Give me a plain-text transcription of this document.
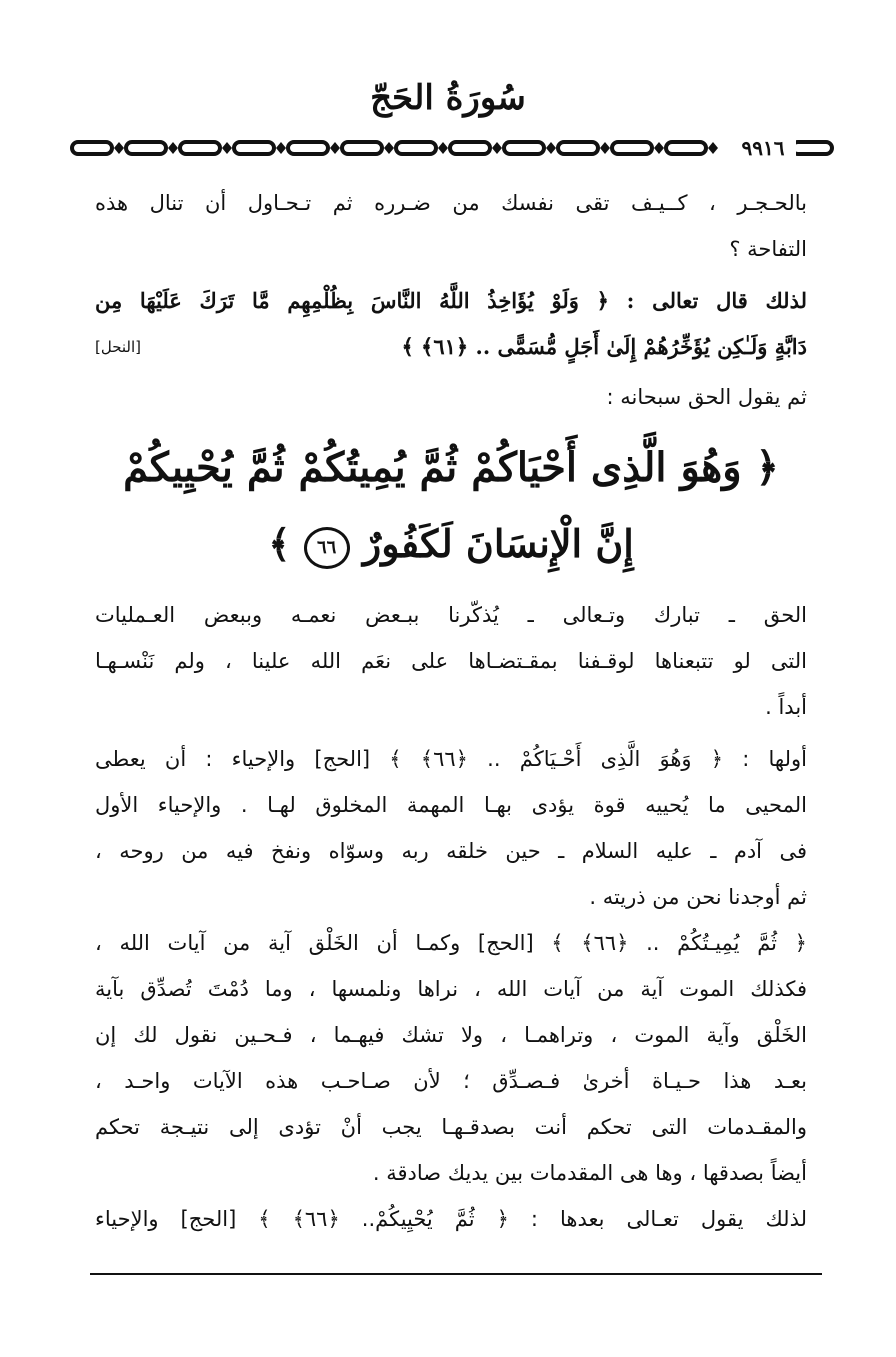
سُورَةُ الحَجّ
٩٩١٦
بالحـجـر ، كــيـف تقى نفسك من ضـرره ثم تـحـاول أن تنال هذه
التفاحة ؟
لذلك قال تعالى : ﴿ وَلَوْ يُؤَاخِذُ اللَّهُ النَّاسَ بِظُلْمِهِم مَّا تَرَكَ عَلَيْهَا مِن
دَابَّةٍ وَلَـٰكِن يُؤَخِّرُهُمْ إِلَىٰ أَجَلٍ مُّسَمًّى .. ﴿٦١﴾ ﴾
[النحل]
ثم يقول الحق سبحانه :
﴿ وَهُوَ الَّذِى أَحْيَاكُمْ ثُمَّ يُمِيتُكُمْ ثُمَّ يُحْيِيكُمْ
إِنَّ الْإِنسَانَ لَكَفُورٌ ٦٦ ﴾
الحق ـ تبارك وتـعالى ـ يُذكّرنا ببـعض نعمـه وببعض العـمليات
التى لو تتبعناها لوقـفنا بمقـتضـاها على نعَم الله علينا ، ولم نَنْسـهـا
أبداً .
أولها : ﴿ وَهُوَ الَّذِى أَحْـيَاكُمْ .. ﴿٦٦﴾ ﴾ [الحج] والإحياء : أن يعطى
المحيى ما يُحييه قوة يؤدى بهـا المهمة المخلوق لهـا . والإحياء الأول
فى آدم ـ عليه السلام ـ حين خلقه ربه وسوّاه ونفخ فيه من روحه ،
ثم أوجدنا نحن من ذريته .
﴿ ثُمَّ يُمِيـتُكُمْ .. ﴿٦٦﴾ ﴾ [الحج] وكمـا أن الخَلْق آية من آيات الله ،
فكذلك الموت آية من آيات الله ، نراها ونلمسها ، وما دُمْتَ تُصدِّق بآية
الخَلْق وآية الموت ، وتراهمـا ، ولا تشك فيهـما ، فـحـين نقول لك إن
بعـد هذا حـيـاة أخرىٰ فـصـدِّق ؛ لأن صـاحـب هذه الآيات واحـد ،
والمقـدمات التى تحكم أنت بصدقـهـا يجب أنْ تؤدى إلى نتيـجة تحكم
أيضاً بصدقها ، وها هى المقدمات بين يديك صادقة .
لذلك يقول تعـالى بعدها : ﴿ ثُمَّ يُحْيِيكُمْ.. ﴿٦٦﴾ ﴾ [الحج] والإحياء
